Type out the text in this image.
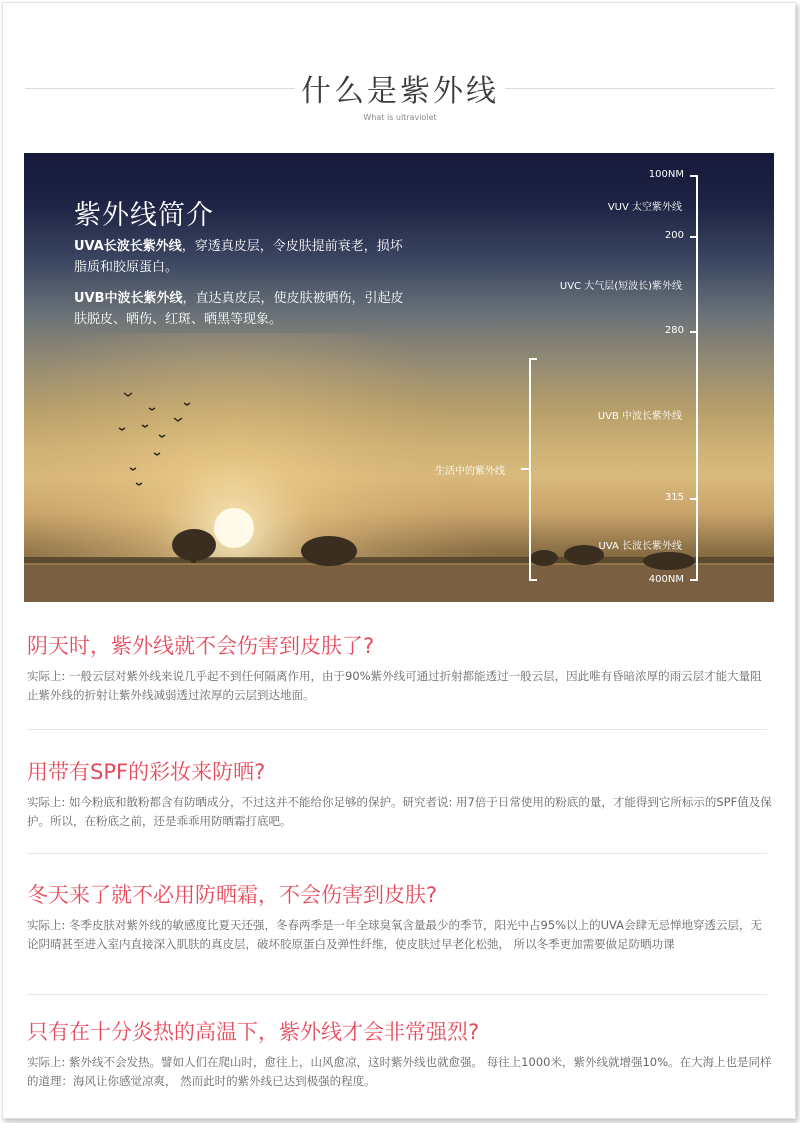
什么是紫外线
What is ultraviolet
紫外线简介
UVA长波长紫外线，穿透真皮层，令皮肤提前衰老，损坏脂质和胶原蛋白。
UVB中波长紫外线，直达真皮层，使皮肤被晒伤，引起皮肤脱皮、晒伤、红斑、晒黑等现象。
100NM
200
280
315
400NM
VUV 太空紫外线
UVC 大气层(短波长)紫外线
UVB 中波长紫外线
UVA 长波长紫外线
生活中的紫外线
阴天时，紫外线就不会伤害到皮肤了?
实际上: 一般云层对紫外线来说几乎起不到任何隔离作用，由于90%紫外线可通过折射都能透过一般云层，因此唯有昏暗浓厚的雨云层才能大量阻止紫外线的折射让紫外线减弱透过浓厚的云层到达地面。
用带有SPF的彩妆来防晒?
实际上: 如今粉底和散粉都含有防晒成分，不过这并不能给你足够的保护。研究者说: 用7倍于日常使用的粉底的量，才能得到它所标示的SPF值及保护。所以，在粉底之前，还是乖乖用防晒霜打底吧。
冬天来了就不必用防晒霜，不会伤害到皮肤?
实际上: 冬季皮肤对紫外线的敏感度比夏天还强，冬春两季是一年全球臭氧含量最少的季节，阳光中占95%以上的UVA会肆无忌惮地穿透云层，无论阴晴甚至进入室内直接深入肌肤的真皮层，破坏胶原蛋白及弹性纤维，使皮肤过早老化松弛， 所以冬季更加需要做足防晒功课
只有在十分炎热的高温下，紫外线才会非常强烈?
实际上: 紫外线不会发热。譬如人们在爬山时，愈往上，山风愈凉，这时紫外线也就愈强。 每往上1000米，紫外线就增强10%。在大海上也是同样的道理：海风让你感觉凉爽， 然而此时的紫外线已达到极强的程度。
